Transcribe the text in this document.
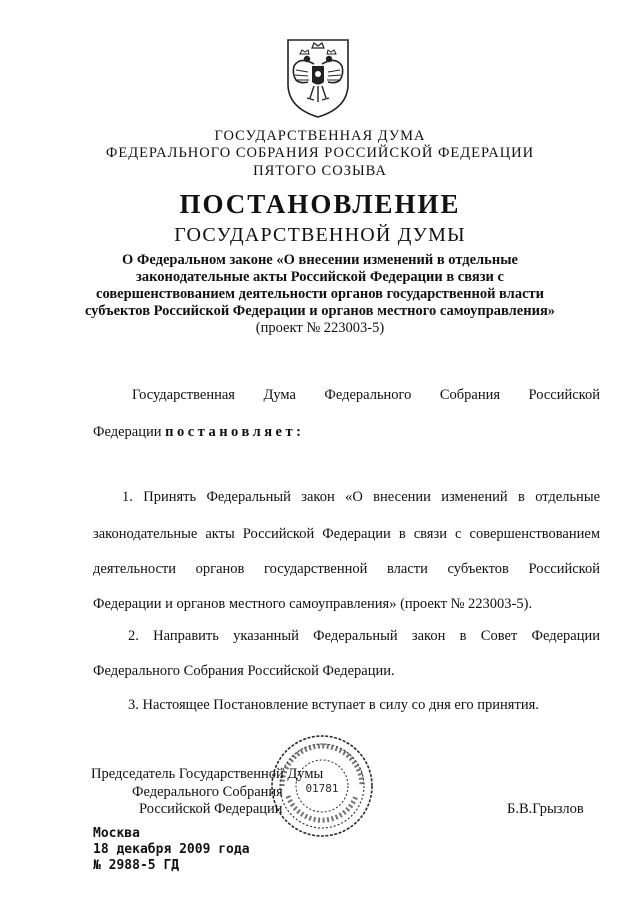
ГОСУДАРСТВЕННАЯ ДУМА
ФЕДЕРАЛЬНОГО СОБРАНИЯ РОССИЙСКОЙ ФЕДЕРАЦИИ
ПЯТОГО СОЗЫВА
ПОСТАНОВЛЕНИЕ
ГОСУДАРСТВЕННОЙ ДУМЫ
О Федеральном законе «О внесении изменений в отдельные
законодательные акты Российской Федерации в связи с
совершенствованием деятельности органов государственной власти
субъектов Российской Федерации и органов местного самоуправления»
(проект № 223003-5)
Государственная Дума Федерального Собрания Российской
Федерации постановляет:
1. Принять Федеральный закон «О внесении изменений в отдельные
законодательные акты Российской Федерации в связи с совершенствованием
деятельности органов государственной власти субъектов Российской
Федерации и органов местного самоуправления» (проект № 223003-5).
2. Направить указанный Федеральный закон в Совет Федерации
Федерального Собрания Российской Федерации.
3. Настоящее Постановление вступает в силу со дня его принятия.
01781
Председатель Государственной Думы
Федерального Собрания
Российской Федерации	Б.В.Грызлов
Москва
18 декабря 2009 года
№ 2988-5 ГД
